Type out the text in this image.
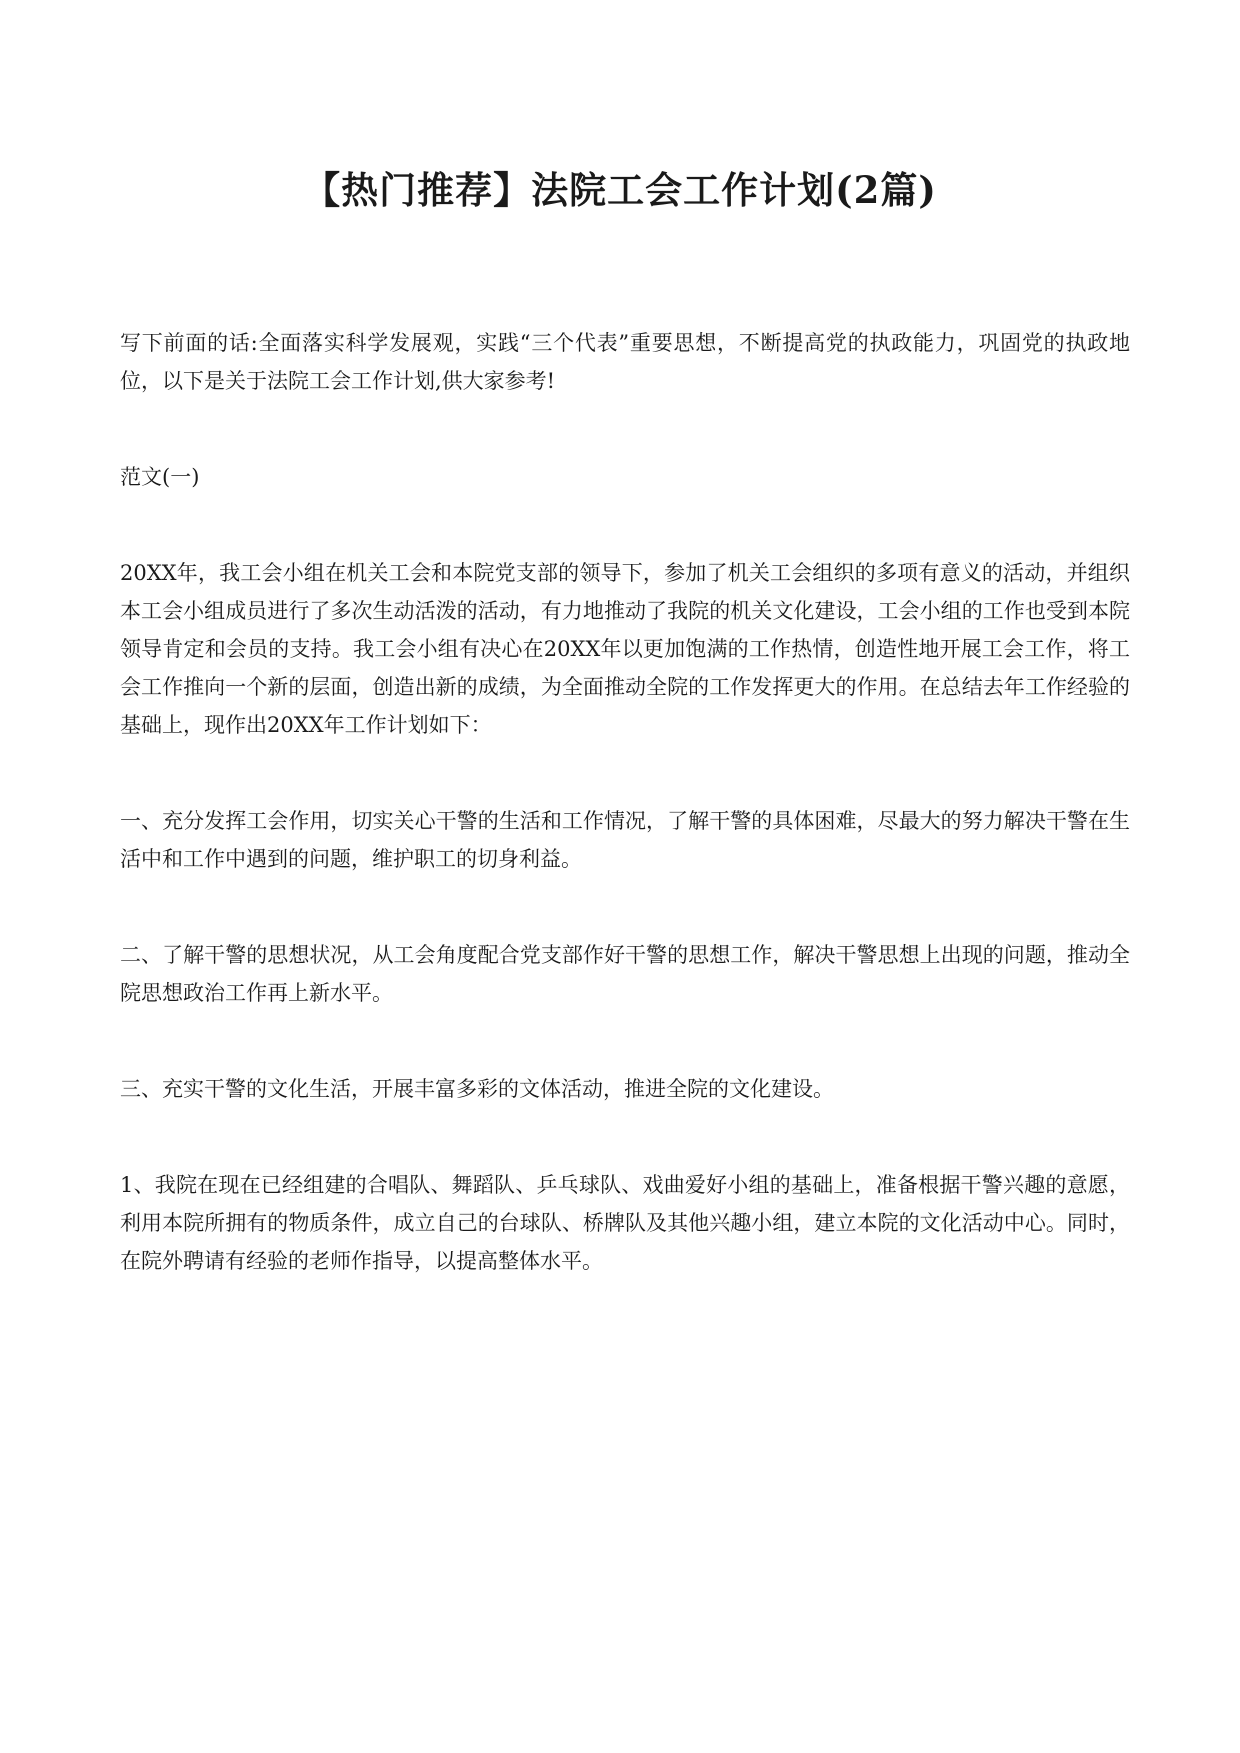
【热门推荐】法院工会工作计划(2篇)

写下前面的话:全面落实科学发展观，实践“三个代表”重要思想，不断提高党的执政能力，巩固党的执政地位，以下是关于法院工会工作计划,供大家参考!

范文(一)

20XX年，我工会小组在机关工会和本院党支部的领导下，参加了机关工会组织的多项有意义的活动，并组织本工会小组成员进行了多次生动活泼的活动，有力地推动了我院的机关文化建设，工会小组的工作也受到本院领导肯定和会员的支持。我工会小组有决心在20XX年以更加饱满的工作热情，创造性地开展工会工作，将工会工作推向一个新的层面，创造出新的成绩，为全面推动全院的工作发挥更大的作用。在总结去年工作经验的基础上，现作出20XX年工作计划如下：

一、充分发挥工会作用，切实关心干警的生活和工作情况，了解干警的具体困难，尽最大的努力解决干警在生活中和工作中遇到的问题，维护职工的切身利益。

二、了解干警的思想状况，从工会角度配合党支部作好干警的思想工作，解决干警思想上出现的问题，推动全院思想政治工作再上新水平。

三、充实干警的文化生活，开展丰富多彩的文体活动，推进全院的文化建设。

1、我院在现在已经组建的合唱队、舞蹈队、乒乓球队、戏曲爱好小组的基础上，准备根据干警兴趣的意愿，利用本院所拥有的物质条件，成立自己的台球队、桥牌队及其他兴趣小组，建立本院的文化活动中心。同时，在院外聘请有经验的老师作指导，以提高整体水平。
